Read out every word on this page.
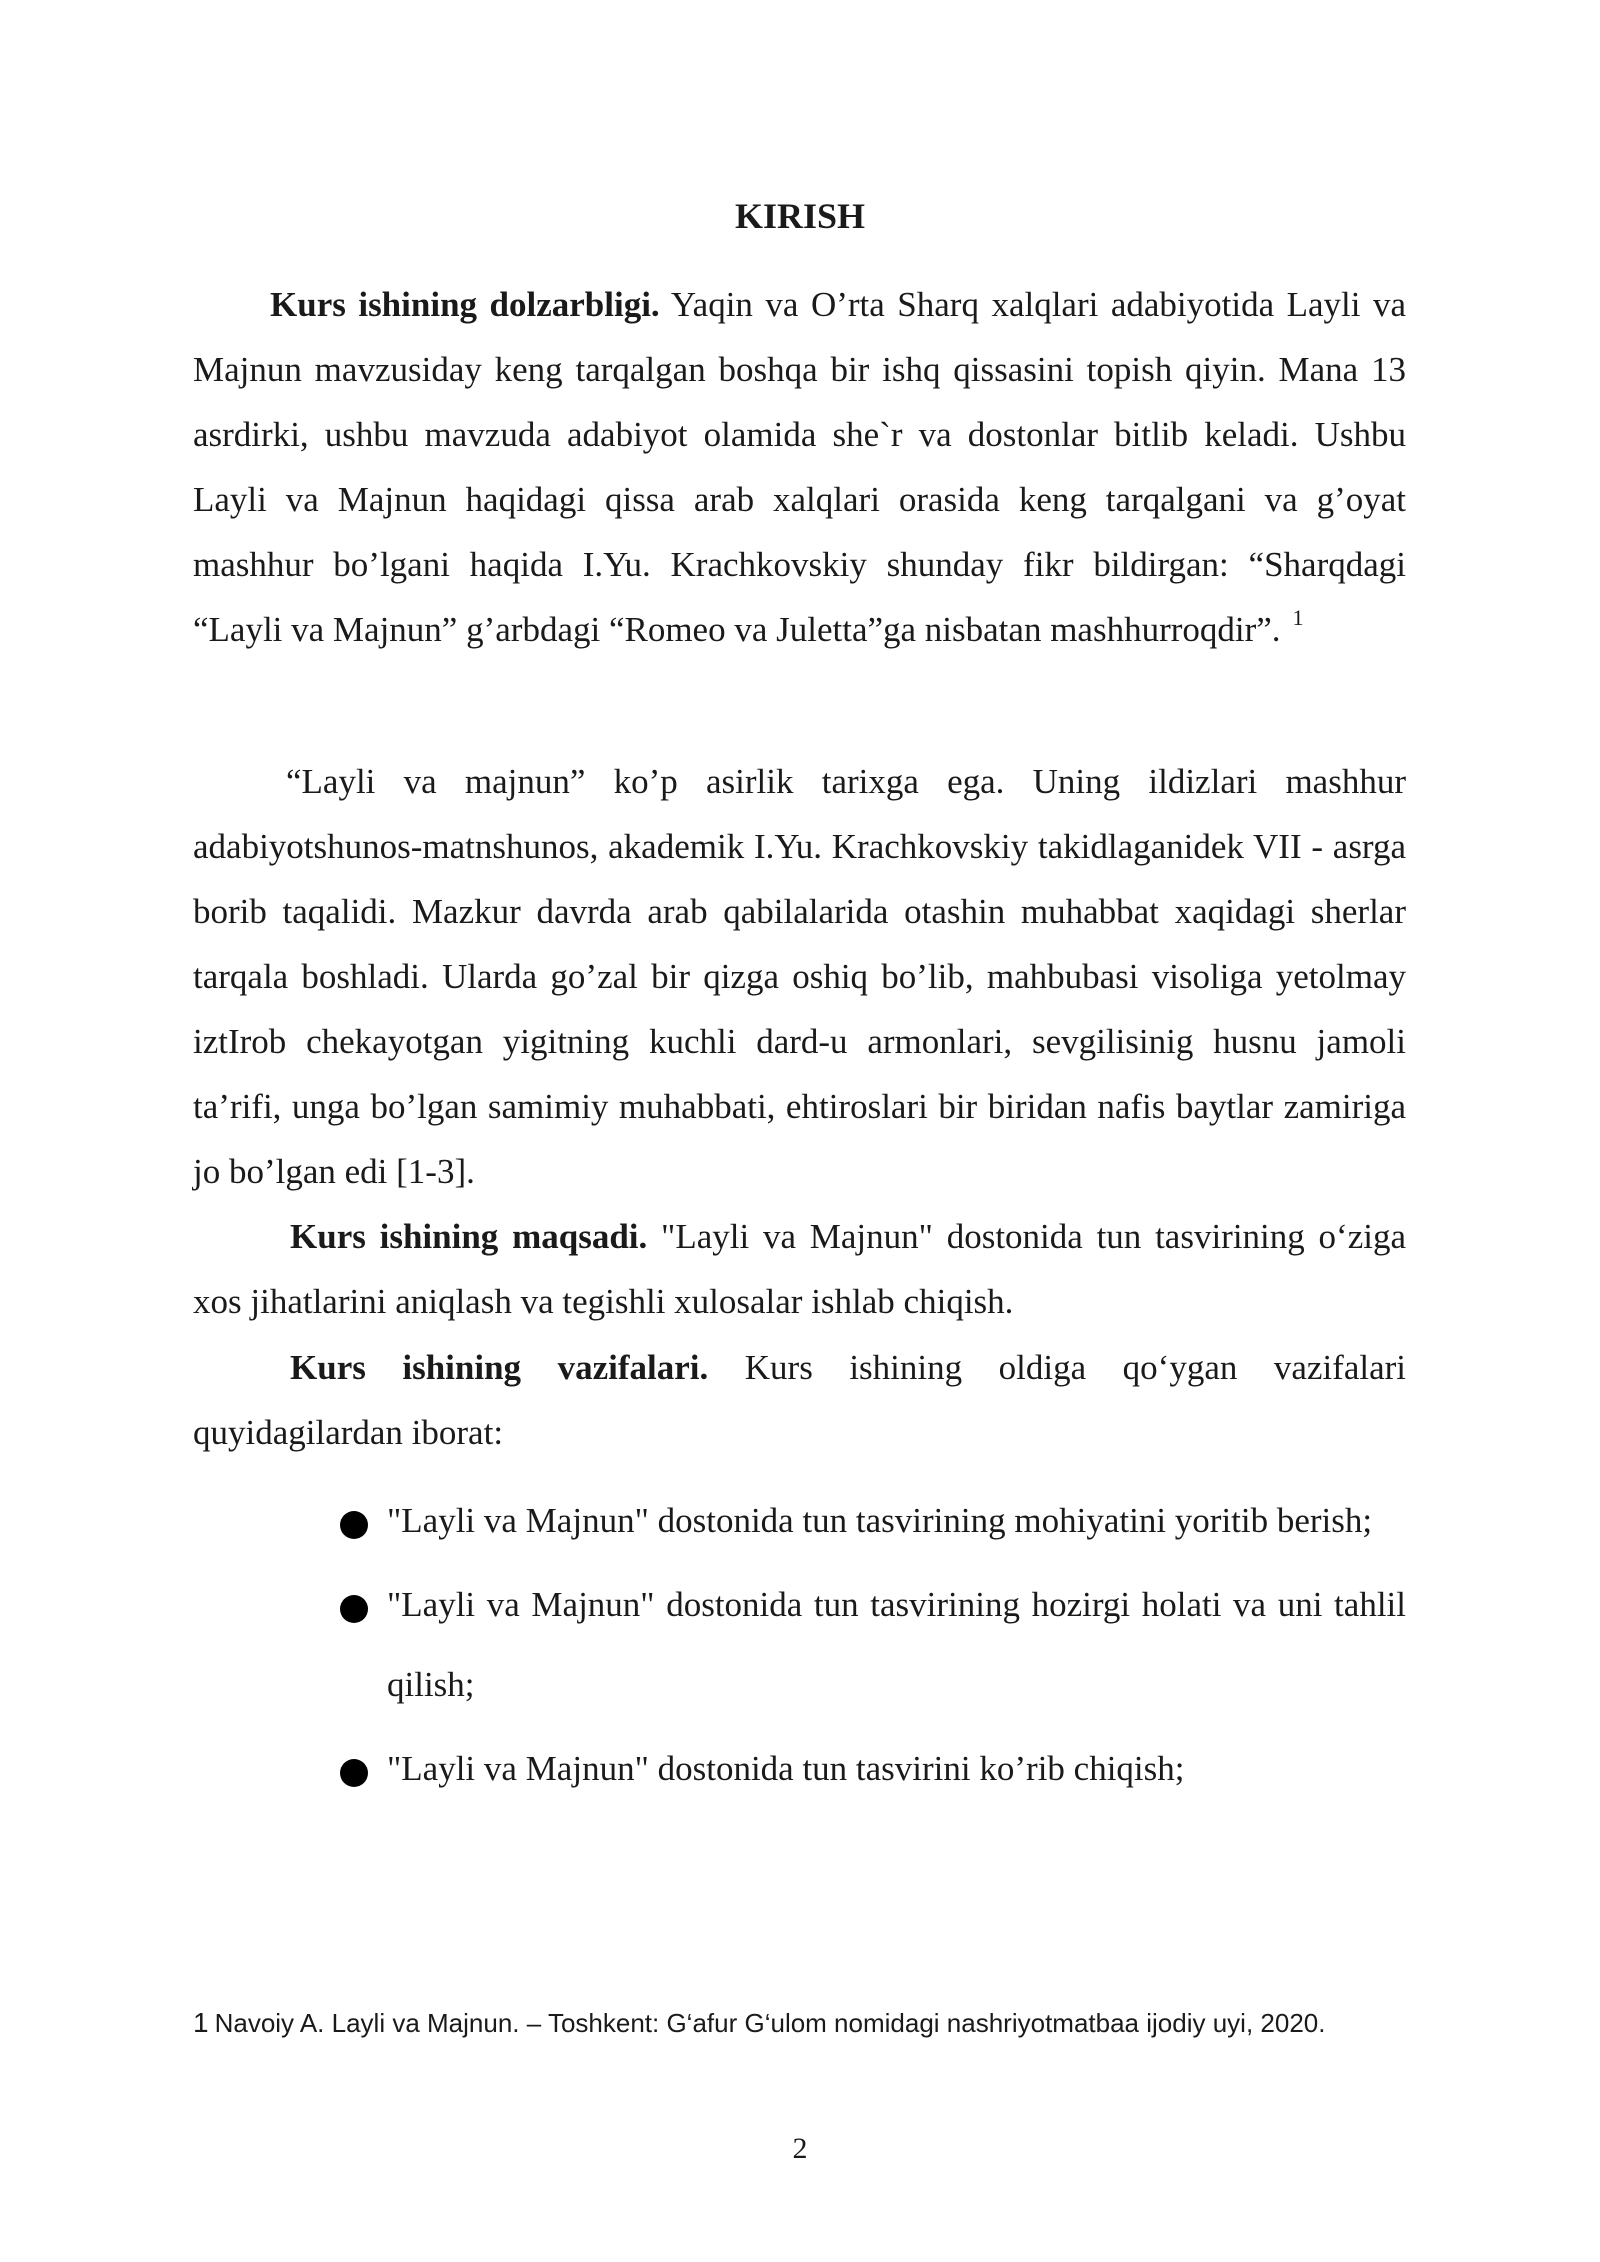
KIRISH

Kurs ishining dolzarbligi. Yaqin va O’rta Sharq xalqlari adabiyotida Layli va Majnun mavzusiday keng tarqalgan boshqa bir ishq qissasini topish qiyin. Mana 13 asrdirki, ushbu mavzuda adabiyot olamida she`r va dostonlar bitlib keladi. Ushbu Layli va Majnun haqidagi qissa arab xalqlari orasida keng tarqalgani va g’oyat mashhur bo’lgani haqida I.Yu. Krachkovskiy shunday fikr bildirgan: “Sharqdagi “Layli va Majnun” g’arbdagi “Romeo va Juletta”ga nisbatan mashhurroqdir”. $^1$

“Layli va majnun” ko’p asirlik tarixga ega. Uning ildizlari mashhur adabiyotshunos-matnshunos, akademik I.Yu. Krachkovskiy takidlaganidek VII - asrga borib taqalidi. Mazkur davrda arab qabilalarida otashin muhabbat xaqidagi sherlar tarqala boshladi. Ularda go’zal bir qizga oshiq bo’lib, mahbubasi visoliga yetolmay iztIrob chekayotgan yigitning kuchli dard-u armonlari, sevgilisinig husnu jamoli ta’rifi, unga bo’lgan samimiy muhabbati, ehtiroslari bir biridan nafis baytlar zamiriga jo bo’lgan edi [1-3].

Kurs ishining maqsadi. "Layli va Majnun" dostonida tun tasvirining o‘ziga xos jihatlarini aniqlash va tegishli xulosalar ishlab chiqish.

Kurs ishining vazifalari. Kurs ishining oldiga qo‘ygan vazifalari quyidagilardan iborat:

"Layli va Majnun" dostonida tun tasvirining mohiyatini yoritib berish;
"Layli va Majnun" dostonida tun tasvirining hozirgi holati va uni tahlil qilish;
"Layli va Majnun" dostonida tun tasvirini ko’rib chiqish;

1 Navoiy A. Layli va Majnun. – Toshkent: G‘afur G‘ulom nomidagi nashriyotmatbaa ijodiy uyi, 2020.

2
